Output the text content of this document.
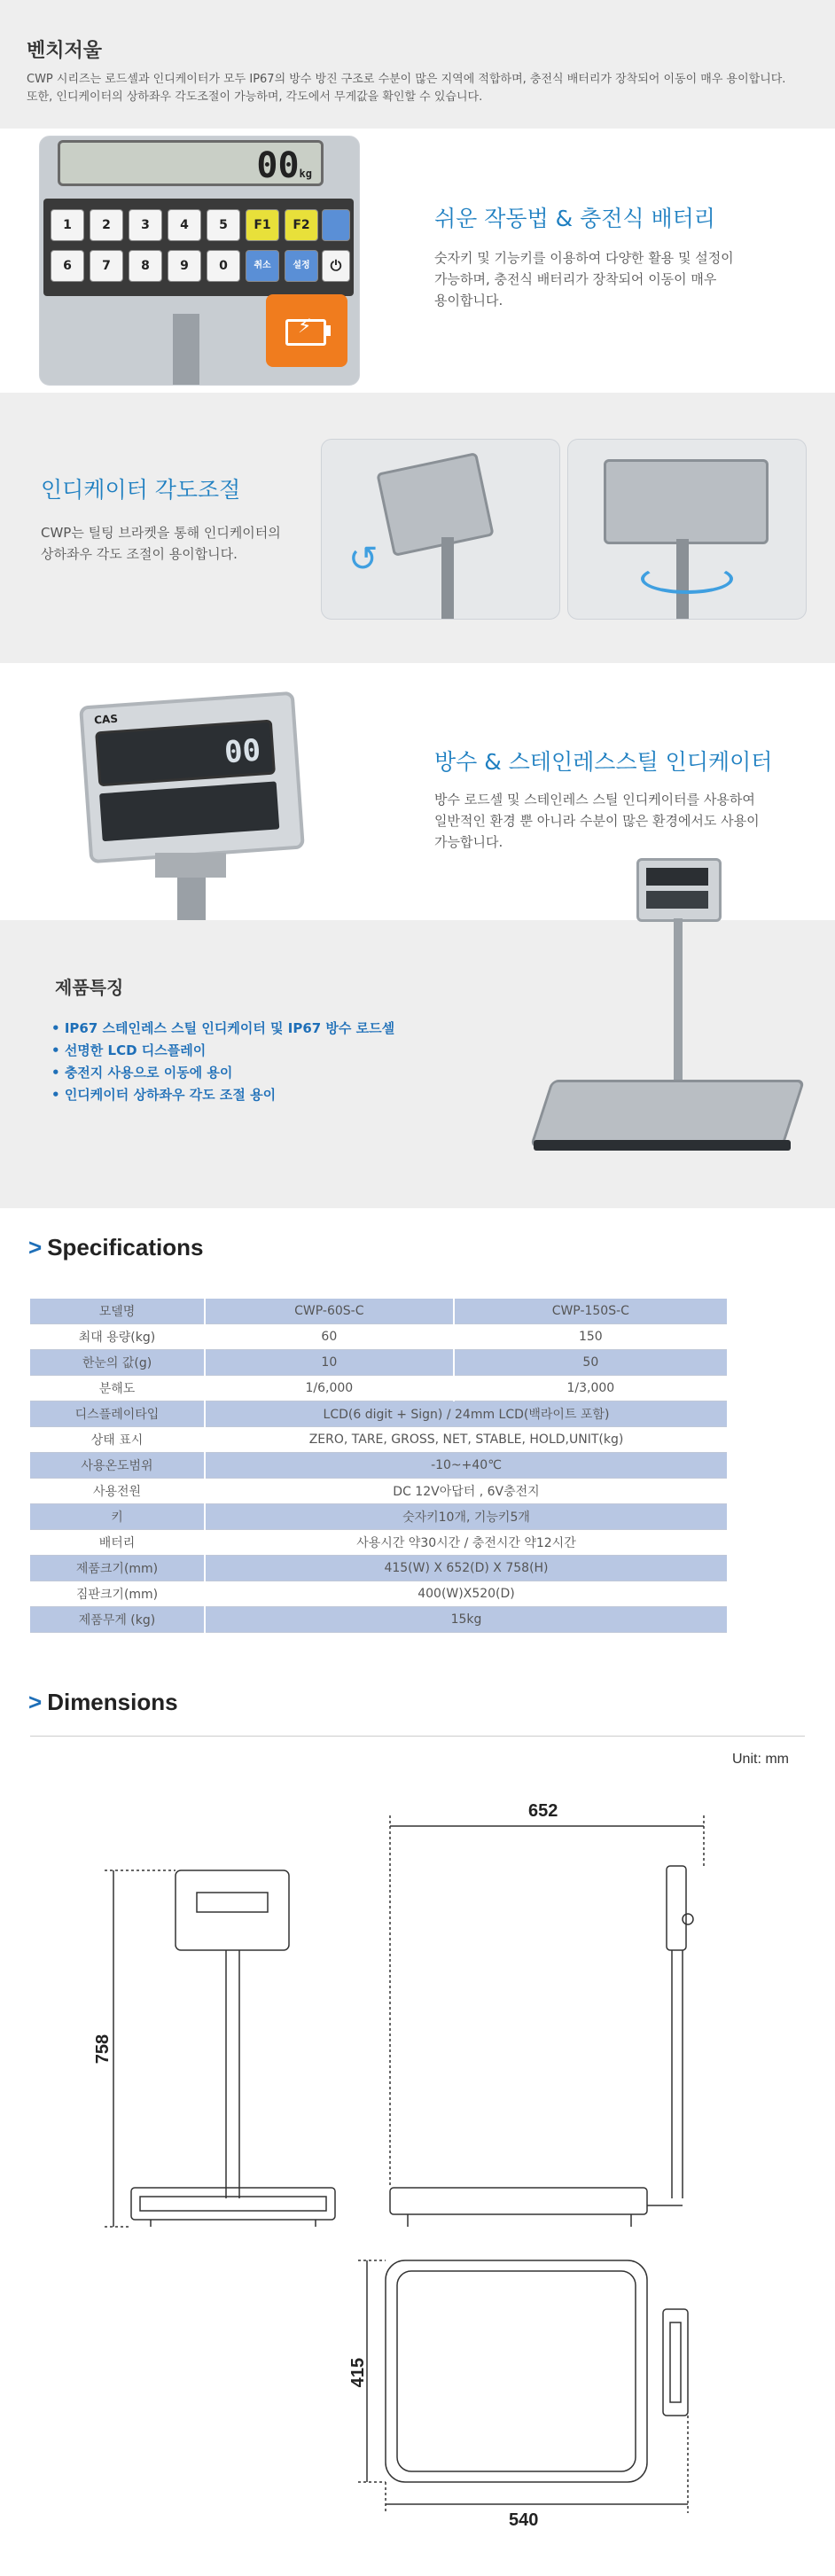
벤치저울
CWP 시리즈는 로드셀과 인디케이터가 모두 IP67의 방수 방진 구조로 수분이 많은 지역에 적합하며, 충전식 배터리가 장착되어 이동이 매우 용이합니다.
또한, 인디케이터의 상하좌우 각도조절이 가능하며, 각도에서 무게값을 확인할 수 있습니다.
00kg
1	2	3	4	5	F1	F2
6	7	8	9	0	취소	설정	⏻
⚡
쉬운 작동법 & 충전식 배터리
숫자키 및 기능키를 이용하여 다양한 활용 및 설정이
가능하며, 충전식 배터리가 장착되어 이동이 매우
용이합니다.
인디케이터 각도조절
CWP는 틸팅 브라켓을 통해 인디케이터의
상하좌우 각도 조절이 용이합니다.	↺
CAS
00	방수 & 스테인레스스틸 인디케이터
방수 로드셀 및 스테인레스 스틸 인디케이터를 사용하여
일반적인 환경 뿐 아니라 수분이 많은 환경에서도 사용이
가능합니다.
제품특징
• IP67 스테인레스 스틸 인디케이터 및 IP67 방수 로드셀
• 선명한 LCD 디스플레이
• 충전지 사용으로 이동에 용이
• 인디케이터 상하좌우 각도 조절 용이
> Specifications
모델명	CWP-60S-C	CWP-150S-C
최대 용량(kg)	60	150
한눈의 값(g)	10	50
분해도	1/6,000	1/3,000
디스플레이타입	LCD(6 digit + Sign) / 24mm LCD(백라이트 포함)	
상태 표시	ZERO, TARE, GROSS, NET, STABLE, HOLD,UNIT(kg)	
사용온도범위	-10~+40℃	
사용전원	DC 12V아답터 , 6V충전지	
키	숫자키10개, 기능키5개	
배터리	사용시간 약30시간 / 충전시간 약12시간	
제품크기(mm)	415(W) X 652(D) X 758(H)	
짐판크기(mm)	400(W)X520(D)	
제품무게 (kg)	15kg	
> Dimensions
Unit: mm
758
652
415
540
